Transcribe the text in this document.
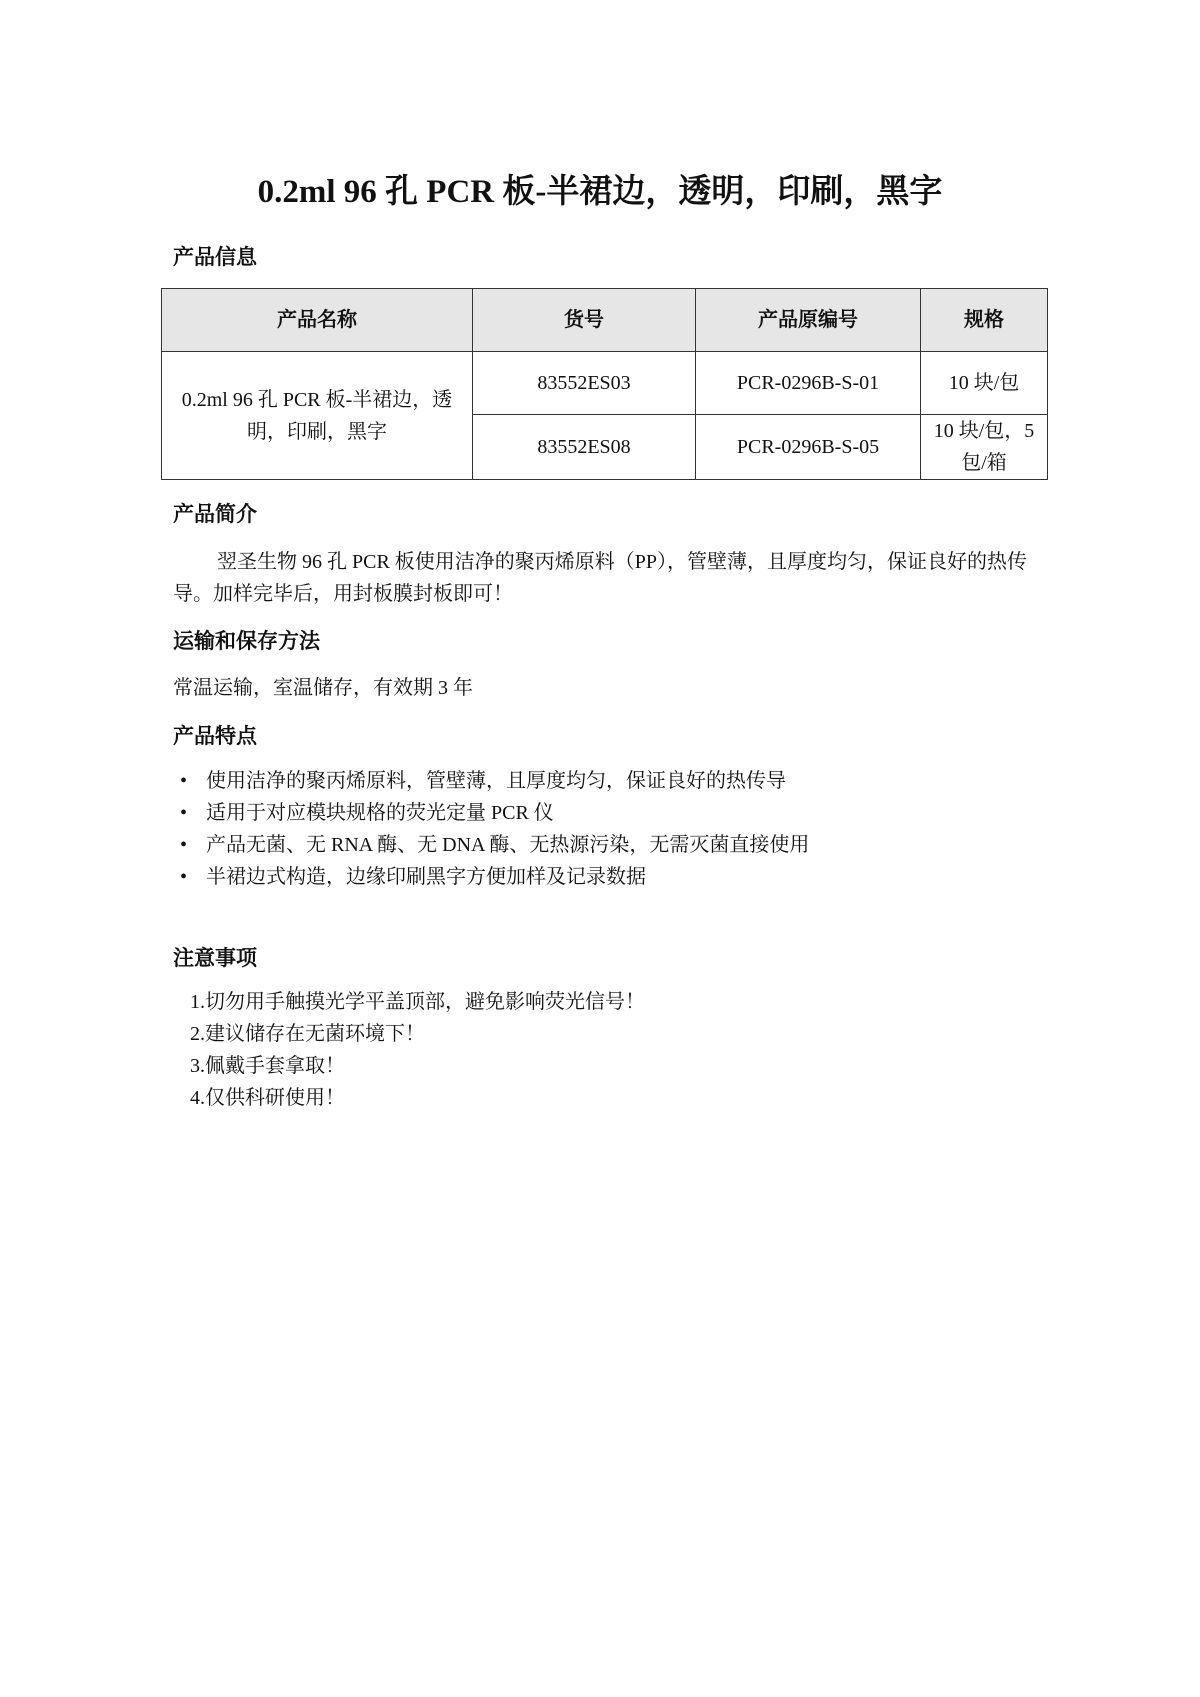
0.2ml 96 孔 PCR 板-半裙边，透明，印刷，黑字
产品信息
产品名称	货号	产品原编号	规格
0.2ml 96 孔 PCR 板-半裙边，透明，印刷，黑字	83552ES03	PCR-0296B-S-01	10 块/包
	83552ES08	PCR-0296B-S-05	10 块/包，5 包/箱
产品简介

翌圣生物 96 孔 PCR 板使用洁净的聚丙烯原料（PP），管壁薄，且厚度均匀，保证良好的热传导。加样完毕后，用封板膜封板即可！

运输和保存方法

常温运输，室温储存，有效期 3 年

产品特点
• 使用洁净的聚丙烯原料，管壁薄，且厚度均匀，保证良好的热传导
• 适用于对应模块规格的荧光定量 PCR 仪
• 产品无菌、无 RNA 酶、无 DNA 酶、无热源污染，无需灭菌直接使用
• 半裙边式构造，边缘印刷黑字方便加样及记录数据
注意事项
1.切勿用手触摸光学平盖顶部，避免影响荧光信号！
2.建议储存在无菌环境下！
3.佩戴手套拿取！
4.仅供科研使用！
